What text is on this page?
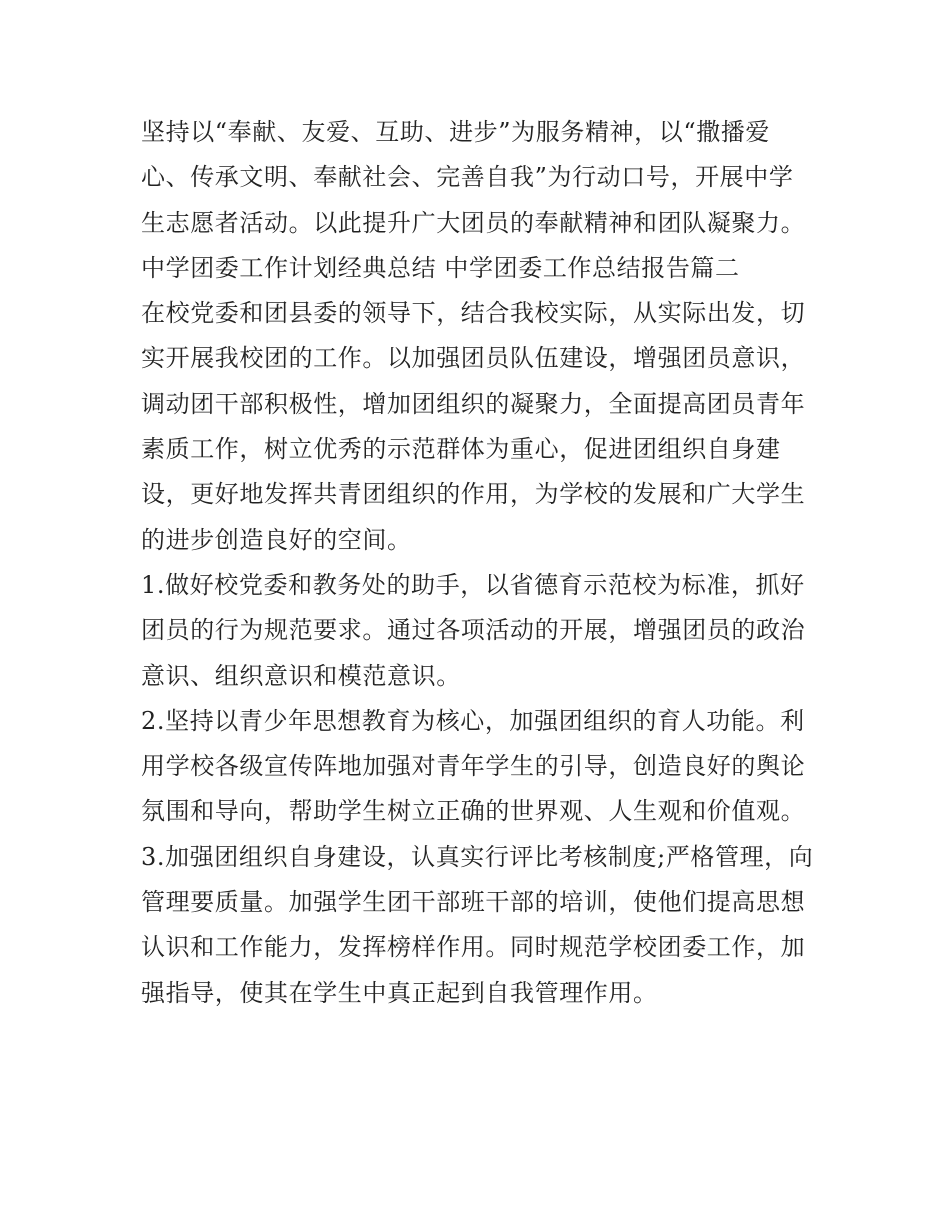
坚持以“奉献、友爱、互助、进步”为服务精神，以“撒播爱

心、传承文明、奉献社会、完善自我”为行动口号，开展中学

生志愿者活动。以此提升广大团员的奉献精神和团队凝聚力。

中学团委工作计划经典总结 中学团委工作总结报告篇二

在校党委和团县委的领导下，结合我校实际，从实际出发，切

实开展我校团的工作。以加强团员队伍建设，增强团员意识，

调动团干部积极性，增加团组织的凝聚力，全面提高团员青年

素质工作，树立优秀的示范群体为重心，促进团组织自身建

设，更好地发挥共青团组织的作用，为学校的发展和广大学生

的进步创造良好的空间。

1.做好校党委和教务处的助手，以省德育示范校为标准，抓好

团员的行为规范要求。通过各项活动的开展，增强团员的政治

意识、组织意识和模范意识。

2.坚持以青少年思想教育为核心，加强团组织的育人功能。利

用学校各级宣传阵地加强对青年学生的引导，创造良好的舆论

氛围和导向，帮助学生树立正确的世界观、人生观和价值观。

3.加强团组织自身建设，认真实行评比考核制度;严格管理，向

管理要质量。加强学生团干部班干部的培训，使他们提高思想

认识和工作能力，发挥榜样作用。同时规范学校团委工作，加

强指导，使其在学生中真正起到自我管理作用。
